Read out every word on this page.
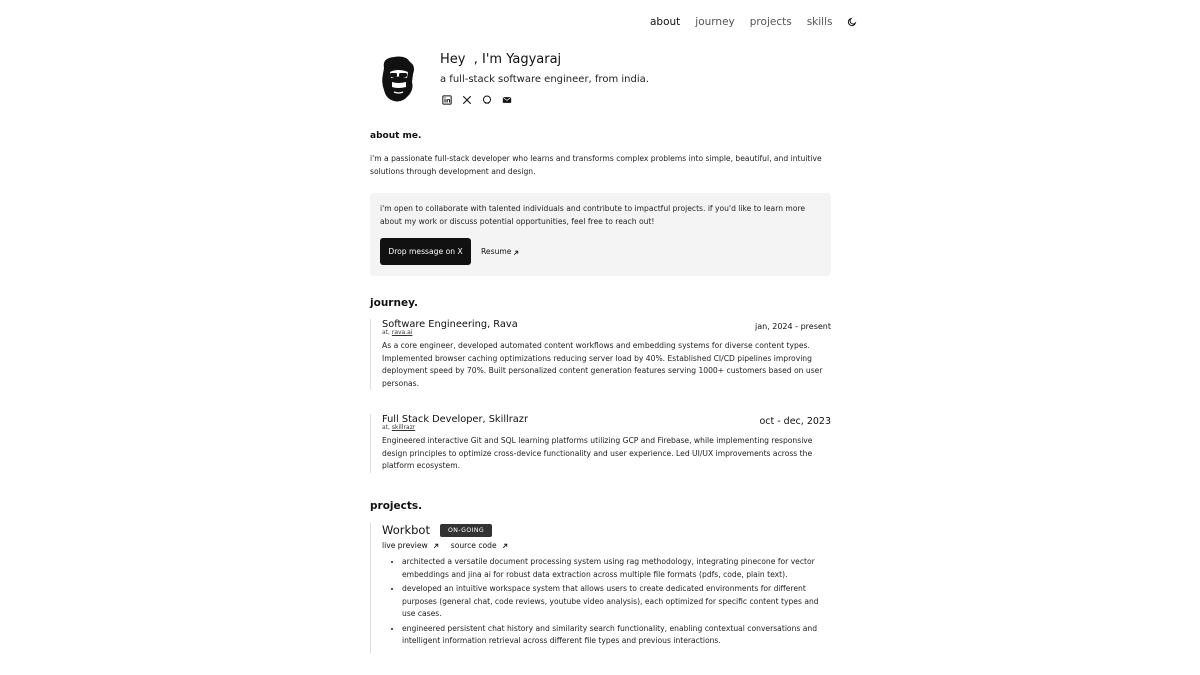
about journey projects skills
Hey  , I'm Yagyaraj
a full-stack software engineer, from india.
about me.
i'm a passionate full-stack developer who learns and transforms complex problems into simple, beautiful, and intuitive solutions through development and design.
i'm open to collaborate with talented individuals and contribute to impactful projects. if you'd like to learn more about my work or discuss potential opportunities, feel free to reach out!
Drop message on X Resume
journey.
Software Engineering, Rava
at, rava.ai
jan, 2024 - present
As a core engineer, developed automated content workflows and embedding systems for diverse content types. Implemented browser caching optimizations reducing server load by 40%. Established CI/CD pipelines improving deployment speed by 70%. Built personalized content generation features serving 1000+ customers based on user personas.
Full Stack Developer, Skillrazr
at, skillrazr
oct - dec, 2023
Engineered interactive Git and SQL learning platforms utilizing GCP and Firebase, while implementing responsive design principles to optimize cross-device functionality and user experience. Led UI/UX improvements across the platform ecosystem.
projects.
Workbot	ON-GOING
live preview	source code
• architected a versatile document processing system using rag methodology, integrating pinecone for vector embeddings and jina ai for robust data extraction across multiple file formats (pdfs, code, plain text).
• developed an intuitive workspace system that allows users to create dedicated environments for different purposes (general chat, code reviews, youtube video analysis), each optimized for specific content types and use cases.
• engineered persistent chat history and similarity search functionality, enabling contextual conversations and intelligent information retrieval across different file types and previous interactions.
